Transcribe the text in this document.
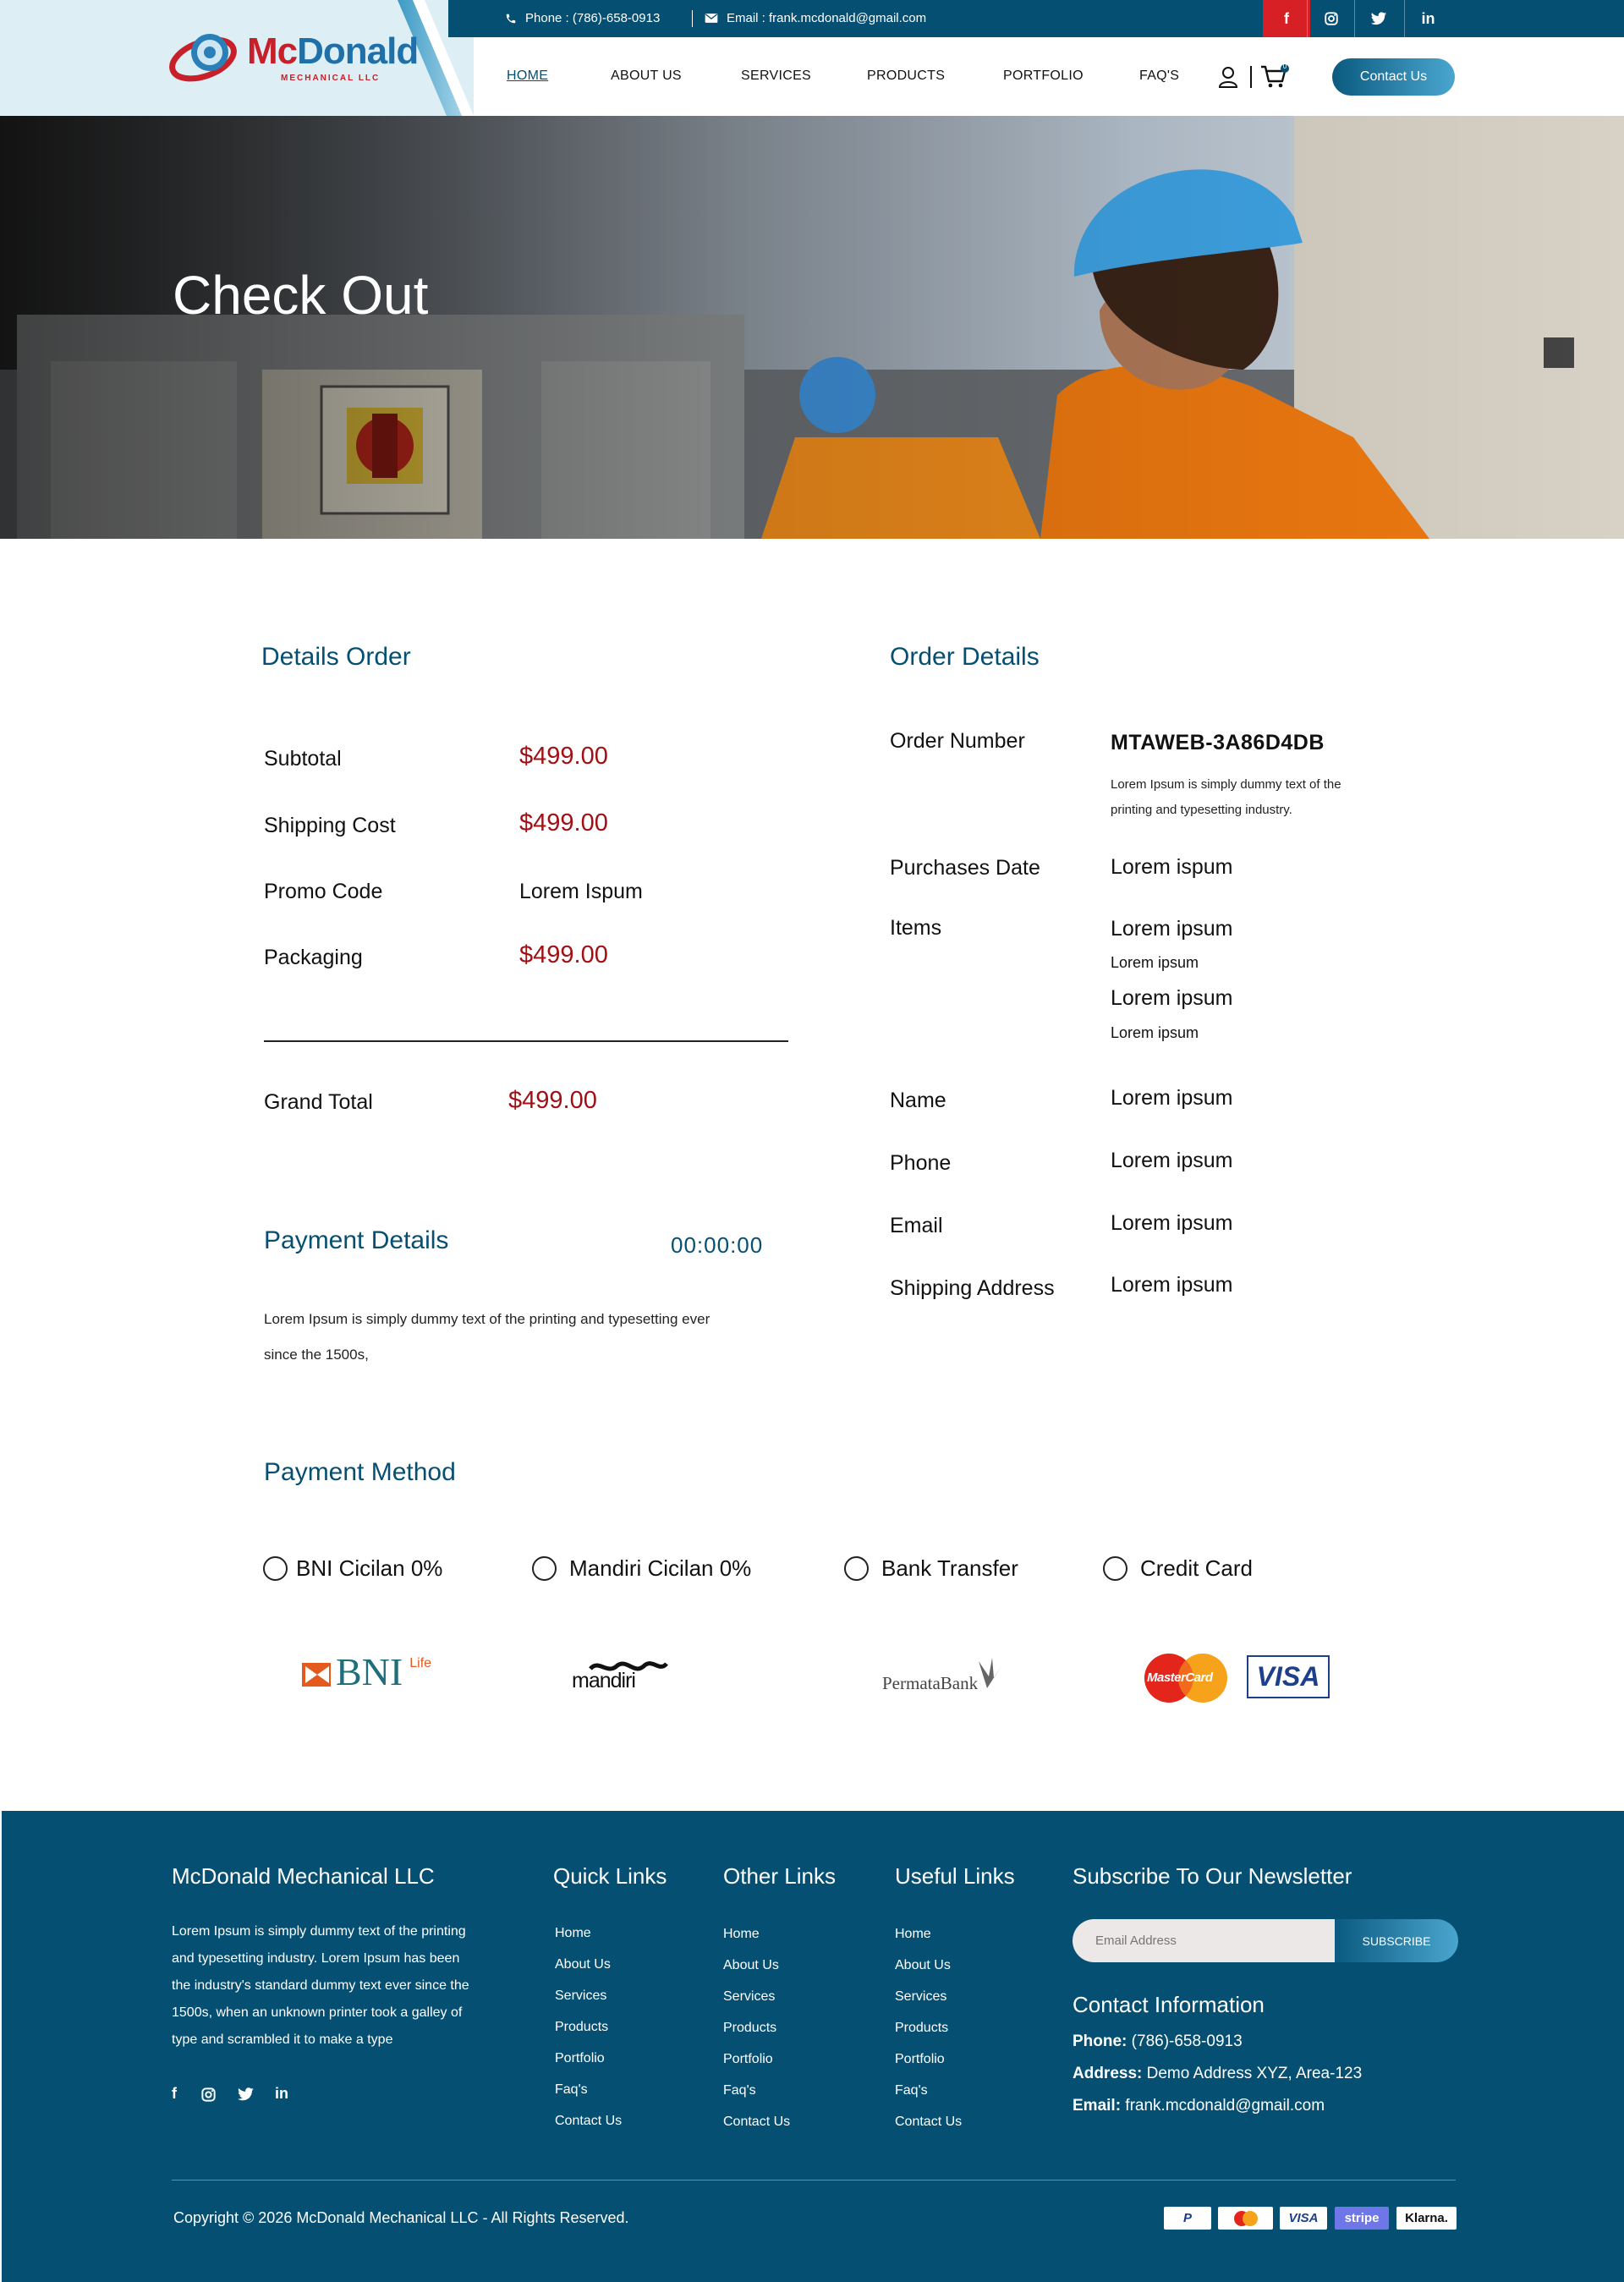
Phone : (786)-658-0913	Email : frank.mcdonald@gmail.com	f	in
McDonald
MECHANICAL LLC	HOME	ABOUT US	SERVICES	PRODUCTS	PORTFOLIO	FAQ'S
0
Contact Us
Check Out
Details Order
Subtotal	$499.00
Shipping Cost	$499.00
Promo Code	Lorem Ispum
Packaging	$499.00
Grand Total	$499.00
Payment Details	00:00:00
Lorem Ipsum is simply dummy text of the printing and typesetting ever
since the 1500s,
Order Details
Order Number	MTAWEB-3A86D4DB
Lorem Ipsum is simply dummy text of the
printing and typesetting industry.
Purchases Date	Lorem ispum
Items	Lorem ipsum
Lorem ipsum
Lorem ipsum
Lorem ipsum
Name	Lorem ipsum
Phone	Lorem ipsum
Email	Lorem ipsum
Shipping Address	Lorem ipsum
Payment Method
BNI Cicilan 0%	Mandiri Cicilan 0%	Bank Transfer	Credit Card
BNI Life
mandiri	PermataBank	MasterCard VISA
McDonald Mechanical LLC
Lorem Ipsum is simply dummy text of the printing
and typesetting industry. Lorem Ipsum has been
the industry's standard dummy text ever since the
1500s, when an unknown printer took a galley of
type and scrambled it to make a type
f	in
Quick Links
Home
About Us
Services
Products
Portfolio
Faq's
Contact Us
Other Links
Home
About Us
Services
Products
Portfolio
Faq's
Contact Us
Useful Links
Home
About Us
Services
Products
Portfolio
Faq's
Contact Us
Subscribe To Our Newsletter
Email Address
SUBSCRIBE
Contact Information
Phone: (786)-658-0913
Address: Demo Address XYZ, Area-123
Email: frank.mcdonald@gmail.com
Copyright © 2026 McDonald Mechanical LLC - All Rights Reserved.	P	VISA stripe Klarna.
